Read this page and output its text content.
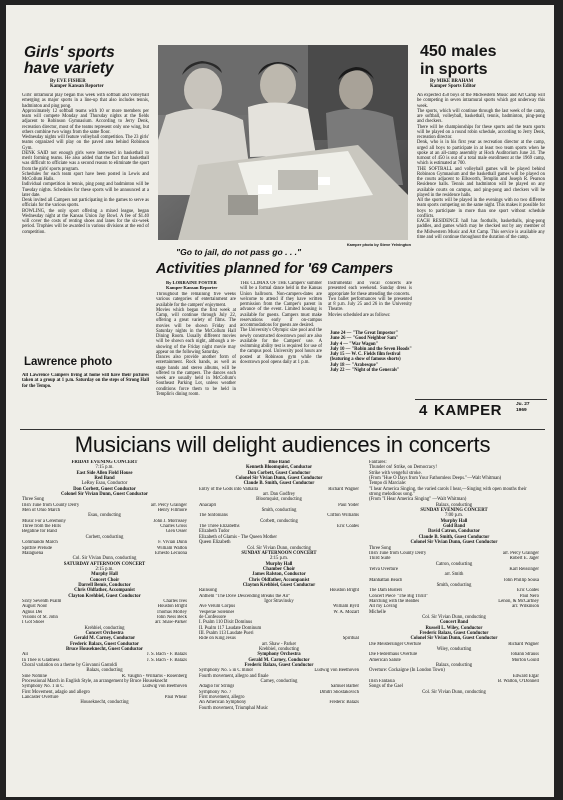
Girls' sports
have variety
By EVE FISHER
Kamper Kansan Reporter
Girls' intramural play began this week with softball and volleyball emerging as major sports in a line-up that also includes tennis, badminton and ping pong.
Approximately 12 softball teams with 10 or more members per team will compete Monday and Thursday nights at the fields adjacent to Robinson Gymnasium. According to Jerry Denk, recreation director, most of the teams represent only one wing, but others combine two wings from the same floor.
Wednesday nights will feature volleyball competition. The 23 girls' teams organized will play on the paved area behind Robinson Gym.
DENK SAID not enough girls were interested in basketball to merit forming teams. He also added that the fact that basketball was difficult to officiate was a second reason to eliminate the sport from the girls' sports program.
Schedules for each team sport have been posted in Lewis and McCollum Halls.
Individual competition in tennis, ping pong and badminton will be Tuesday nights. Schedules for these sports will be announced at a later date.
Denk invited all Campers not participating in the games to serve as officials for the various sports.
BOWLING, the only sport offering a mixed league, began Wednesday night at the Kansas Union Jay Bowl. A fee of $1.40 will cover the costs of renting shoes and lanes for the six-week period. Trophies will be awarded in various divisions at the end of competition.
Lawrence photo
All Lawrence Campers living at home will have their pictures taken at a group at 1 p.m. Saturday on the steps of Strong Hall for the Tempo.
Kamper photo by Steve Yelvington
"Go to jail, do not pass go . . ."
450 males
in sports
By MIKE BRAHAM
Kamper Sports Editor
An expected 450 boys of the Midwestern Music and Art Camp will be competing in seven intramural sports which got underway this week.
The sports, which will continue through the last week of the camp, are softball, volleyball, basketball, tennis, badminton, ping-pong and checkers.
There will be championships for these sports and the team sports will be played on a round robin schedule, according to Jerry Denk, recreation director.
Denk, who is in his first year as recreation director at the camp, urged all boys to participate in at least two team sports when he spoke at an all-camp assembly at Hoch Auditorium June 24. The turnout of 450 is out of a total male enrollment at the 1969 camp, which is estimated at 700.
THE SOFTBALL and volleyball games will be played behind Robinson Gymnasium and the basketball games will be played on the courts adjacent to Ellsworth, Templin and Joseph R. Pearson Residence halls. Tennis and badminton will be played on any available courts on campus, and ping-pong and checkers will be played in the residence halls.
All the sports will be played in the evenings with no two different team sports competing on the same night. This makes it possible for boys to participate in more than one sport without schedule conflicts.
EACH RESIDENCE hall has footballs, basketballs, ping-pong paddles, and games which may be checked out by any member of the Midwestern Music and Art Camp. This service is available any time and will continue throughout the duration of the camp.
4 KAMPER	Ju. 27
1969
Activities planned for '69 Campers
By LORRAINE FOSTER
Kamper Kansan Reporter
Throughout the remaining five weeks various categories of entertainment are available for the campers' enjoyment.
Movies which began the first week at Camp, will continue through July 22, offering a great variety of films. The movies will be shown Friday and Saturday nights in the McCollum Hall Dining Room. Usually different movies will be shown each night, although a re-showing of the Friday night movie may appear on the following Saturday.
Dances also provide another form of entertainment. Rock bands, as well as stage bands and stereo albums, will be offered to the campers. The dances each week are usually held in McCollum's Southeast Parking Lot, unless weather conditions force them to be held in Templin's dining room.
THE CLIMAX OF THE Campers' summer will be a formal dance held in the Kansas Union ballroom. Non-campers-dates are welcome to attend if they have written permission from the Camper's parent in advance of the event. Limited housing is available for guests. Campers must make reservations early if on-campus accommodations for guests are desired.
The University's Olympic size pool and the newly constructed downtown pool are also available for the Campers' use. A swimming ability test is required for use of the campus pool. University pool hours are posted at Robinson gym while the downtown pool opens daily at 1 p.m.
Instrumental and vocal concerts are presented each weekend. Sunday dress is appropriate for these attending the concerts.
Two ballet performances will be presented at 8 p.m. July 25 and 26 in the University Theatre.
Movies scheduled are as follows:
June 24 — "The Great Impostor"
June 26 — "Good Neighbor Sam"
July 4 — "War Wagon"
July 10 — "Robin and the Seven Hoods"
July 15 — W. C. Fields film festival (featuring a show of famous shorts)
July 18 — "Arabesque"
July 22 — "Night of the Generals"
Musicians will delight audiences in concerts
FRIDAY EVENING CONCERT
7:15 p.m.
East Side Allen Field House
Red Band
LeRoy Esau, Conductor
Don Corbett, Guest Conductor
Colonel Sir Vivian Dunn, Guest Conductor
Three Song
Irish Tune from County Derry	arr. Percy Grainger
Men of Ohio March	Henry Fillmore
Esau, conducting
Music For a Ceremony	John J. Morrissey
Three from the Hills	Charles Gross
Begatine for Band	Glen Osser
Corbett, conducting
Commando March	F. Vivian Dunn
Spitfire Prelude	William Walton
Malaguena	Ernesto Lecuona
Col. Sir Vivian Dunn, conducting
SATURDAY AFTERNOON CONCERT
2:15 p.m.
Murphy Hall
Concert Choir
Darrell Bemis, Conductor
Chris Oldfather, Accompanist
Clayton Krehbiel, Guest Conductor
Sixty Seventh Psalm	Charles Ives
August Noon	Houston Bright
Agnus Dei	Thomas Morley
Visions of St. John	John Ness Beck
I Got Shoes	arr. Shaw-Parker
Krehbiel, conducting
Concert Orchestra
Gerald M. Carney, Conductor
Frederic Balazs, Guest Conductor
Bruce Houseknecht, Guest Conductor
Air	J. S. Bach - F. Balazs
In Thee is Gladness	J. S. Bach - F. Balazs
Choral variation on a theme by Giovanni Gastoldi
Balazs, conducting
Sine Nomine	R. Vaughn - Williams - Rosenberg
Processional March in English Style, an arrangement by Bruce Houseknecht
Symphony No. 1 in C	Ludwig von Beethoven
First Movement, adagio and allegro
Lancaster Overture	Paul Whear
Houseknecht, conducting
Blue Band
Kenneth Bloomquist, Conductor
Don Corbett, Guest Conductor
Colonel Sir Vivian Dunn, Guest Conductor
Claude B. Smith, Guest Conductor
Entry of the Gods into Valhalla	Richard Wagner
arr. Dan Godfrey
Bloomquist, conducting
Anacapri	Paul Yoder
Smith, conducting
The Sinfonians	Clifton Williams
Corbett, conducting
The Three Elizabeths	Eric Coates
Elizabeth Tudor
Elizabeth of Glamis - The Queen Mother
Queen Elizabeth
Col. Sir Vivian Dunn, conducting
SUNDAY AFTERNOON CONCERT
2:15 p.m.
Murphy Hall
Chamber Choir
James Ralston, Conductor
Chris Oldfather, Accompanist
Clayton Krehbiel, Guest Conductor
Rainsong	Houston Bright
Anthem "The Dove Descending Breaks the Air"
Igor Stravinsky
Ave Verum Corpus	William Byrd
Vesperae Solennes	W. A. Mozart
de Confessore
I. Psalm 110 Dixit Dominus
II. Psalm 117 Laudate Dominum
III. Psalm 113 Laudate Pueri
Ride on King Jesus	Spiritual
arr. Shaw - Parker
Krehbiel, conducting
Symphony Orchestra
Gerald M. Carney, Conductor
Frederic Balazs, Guest Conductor
Symphony No. 5 in C minor	Ludwig von Beethoven
Fourth movement, allegro and finale
Carney, conducting
Adagio for Strings	Samuel Barber
Symphony No. 7	Dmitri Shostakovich
First movement, allegro
An American Symphony	Frederic Balazs
Fourth movement, Triumphal Music
Fanfares:
Thunder on! Strike, on Democracy!
Strike with vengeful stroke.
(From "Hue O Days from Your Fathomless Deeps."—Walt Whitman)
Tempo di Marciale:
"I hear America Singing, the varied carols I hear,—Singing with open mouths their strong melodious song."
(From "I Hear America Singing" —Walt Whitman)
Balazs, conducting
SUNDAY EVENING CONCERT
7:00 p.m.
Murphy Hall
Gold Band
David Catron, Conductor
Claude B. Smith, Guest Conductor
Colonel Sir Vivian Dunn, Guest Conductor
Three Song
Irish Tune from County Derry	arr. Percy Grainger
Third Suite	Robert E. Jager
Catron, conducting
Yelva Overture	Karl Reissinger
arr. Smith
Manhattan Beach	John Phillip Sousa
Smith, conducting
The Dam Busters	Eric Coates
Concert Piece "The Big Thrill"	Paul Nero
Marching with the Beatles	Lenon, & McCartney
All my Loving	arr. Wilkinson
Michelle
Col. Sir Vivian Dunn, conducting
Concert Band
Russell L. Wiley, Conductor
Frederic Balazs, Guest Conductor
Colonel Sir Vivian Dunn, Guest Conductor
Die Meistersinger Overture	Richard Wagner
Wiley, conducting
Die Fledermaus Overture	Johann Strauss
American Salute	Morton Gould
Balazs, conducting
Overture: Cockaigne (In London Town)
Edward Elgar
Irish Fantasia	B. Walton, O'Donnell
Songs of the Gael
Col. Sir Vivian Dunn, conducting
